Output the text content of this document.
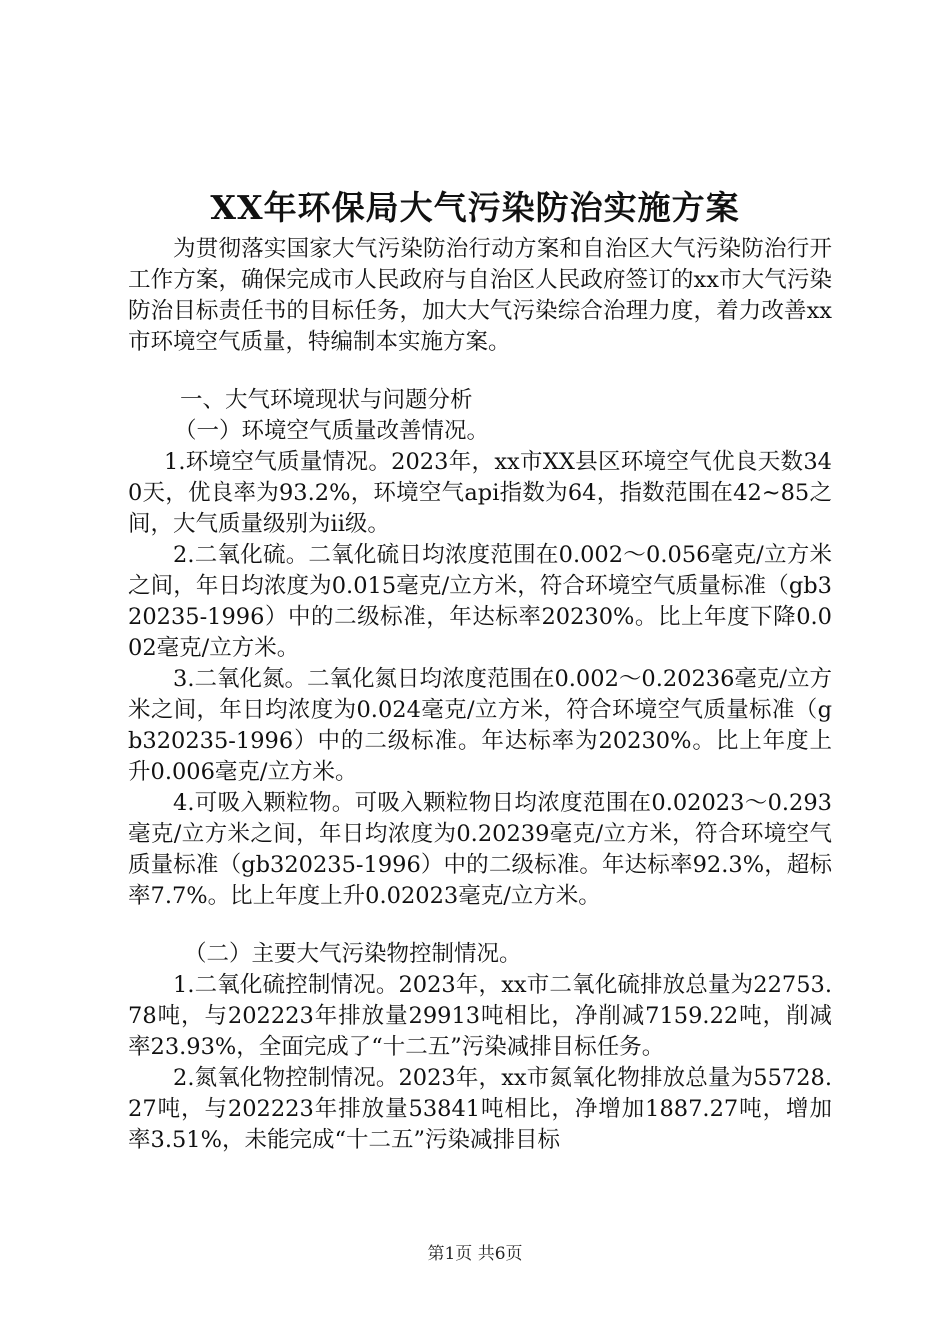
XX年环保局大气污染防治实施方案

为贯彻落实国家大气污染防治行动方案和自治区大气污染防治行开工作方案，确保完成市人民政府与自治区人民政府签订的xx市大气污染防治目标责任书的目标任务，加大大气污染综合治理力度，着力改善xx市环境空气质量，特编制本实施方案。

一、大气环境现状与问题分析

（一）环境空气质量改善情况。

1.环境空气质量情况。2023年，xx市XX县区环境空气优良天数340天，优良率为93.2%，环境空气api指数为64，指数范围在42~85之间，大气质量级别为ii级。

2.二氧化硫。二氧化硫日均浓度范围在0.002～0.056毫克/立方米之间，年日均浓度为0.015毫克/立方米，符合环境空气质量标准（gb320235-1996）中的二级标准，年达标率20230%。比上年度下降0.002毫克/立方米。

3.二氧化氮。二氧化氮日均浓度范围在0.002～0.20236毫克/立方米之间，年日均浓度为0.024毫克/立方米，符合环境空气质量标准（gb320235-1996）中的二级标准。年达标率为20230%。比上年度上升0.006毫克/立方米。

4.可吸入颗粒物。可吸入颗粒物日均浓度范围在0.02023～0.293毫克/立方米之间，年日均浓度为0.20239毫克/立方米，符合环境空气质量标准（gb320235-1996）中的二级标准。年达标率92.3%，超标率7.7%。比上年度上升0.02023毫克/立方米。

（二）主要大气污染物控制情况。

1.二氧化硫控制情况。2023年，xx市二氧化硫排放总量为22753.78吨，与202223年排放量29913吨相比，净削减7159.22吨，削减率23.93%，全面完成了“十二五”污染减排目标任务。

2.氮氧化物控制情况。2023年，xx市氮氧化物排放总量为55728.27吨，与202223年排放量53841吨相比，净增加1887.27吨，增加率3.51%，未能完成“十二五”污染减排目标

第1页 共6页
